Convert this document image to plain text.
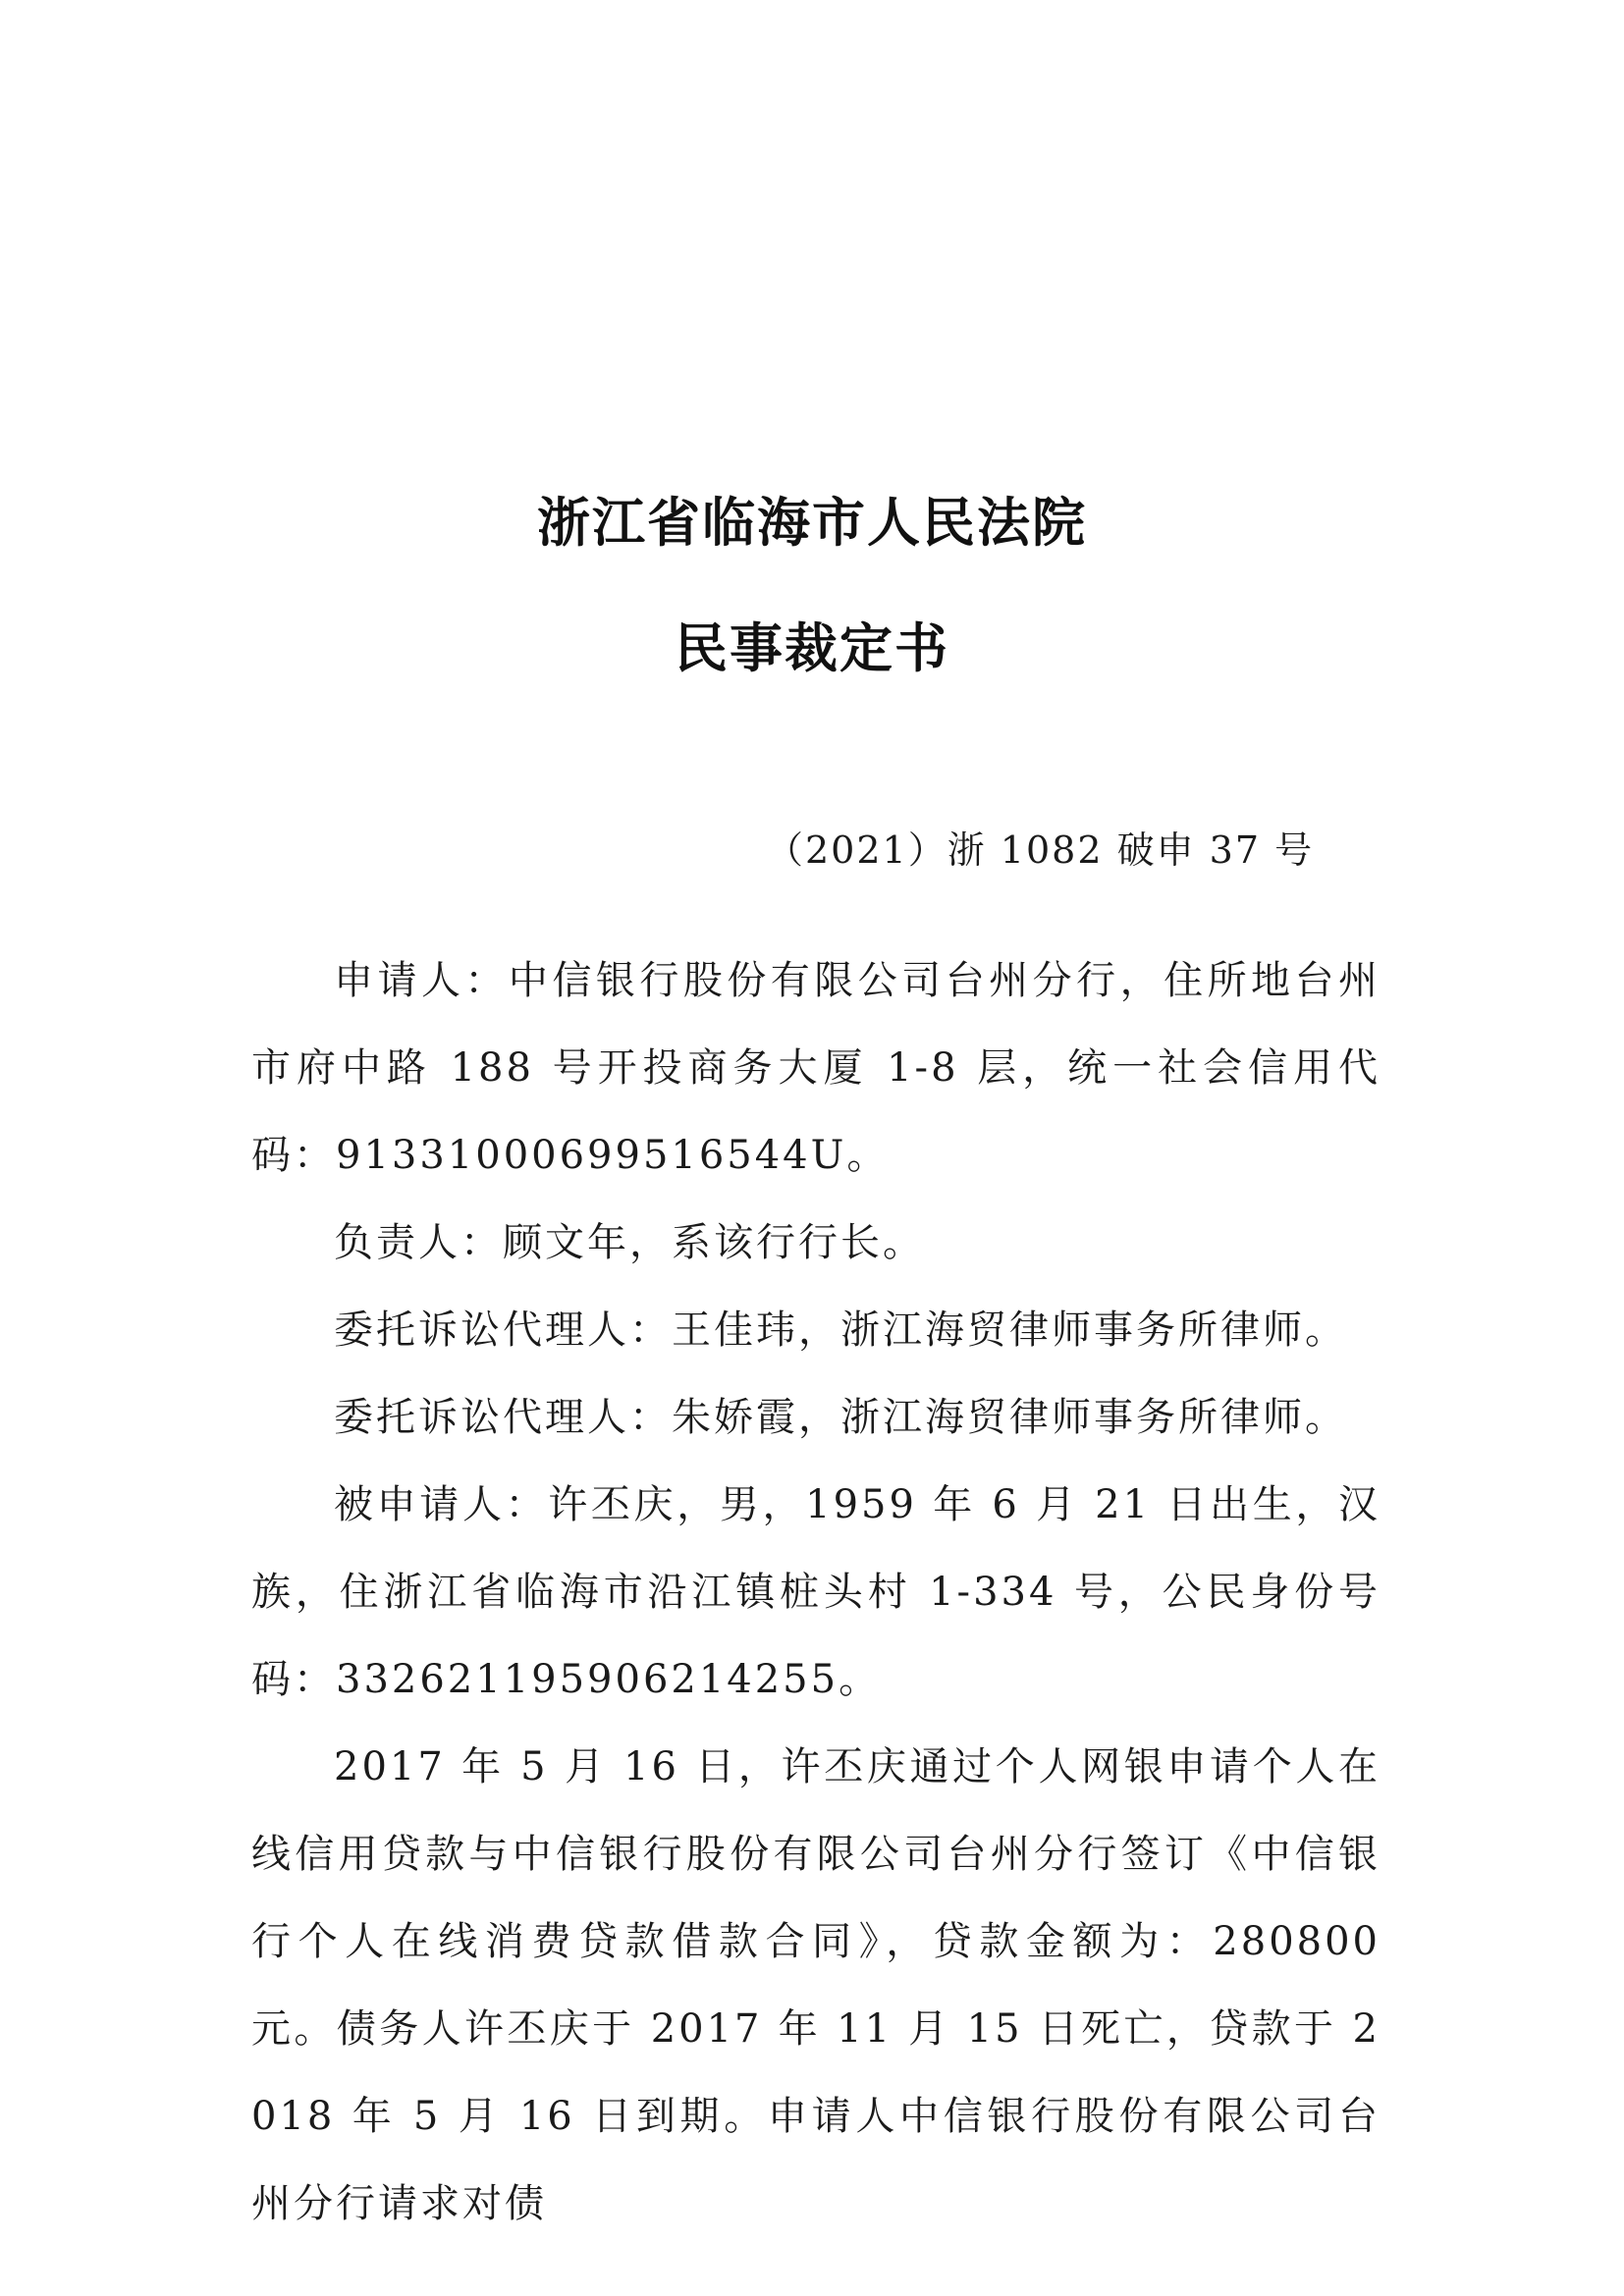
浙江省临海市人民法院
民事裁定书
（2021）浙 1082 破申 37 号

申请人：中信银行股份有限公司台州分行，住所地台州市府中路 188 号开投商务大厦 1-8 层，统一社会信用代码：91331000699516544U。

负责人：顾文年，系该行行长。

委托诉讼代理人：王佳玮，浙江海贸律师事务所律师。

委托诉讼代理人：朱娇霞，浙江海贸律师事务所律师。

被申请人：许丕庆，男，1959 年 6 月 21 日出生，汉族，住浙江省临海市沿江镇桩头村 1-334 号，公民身份号码：332621195906214255。

2017 年 5 月 16 日，许丕庆通过个人网银申请个人在线信用贷款与中信银行股份有限公司台州分行签订《中信银行个人在线消费贷款借款合同》，贷款金额为：280800 元。债务人许丕庆于 2017 年 11 月 15 日死亡，贷款于 2018 年 5 月 16 日到期。申请人中信银行股份有限公司台州分行请求对债
